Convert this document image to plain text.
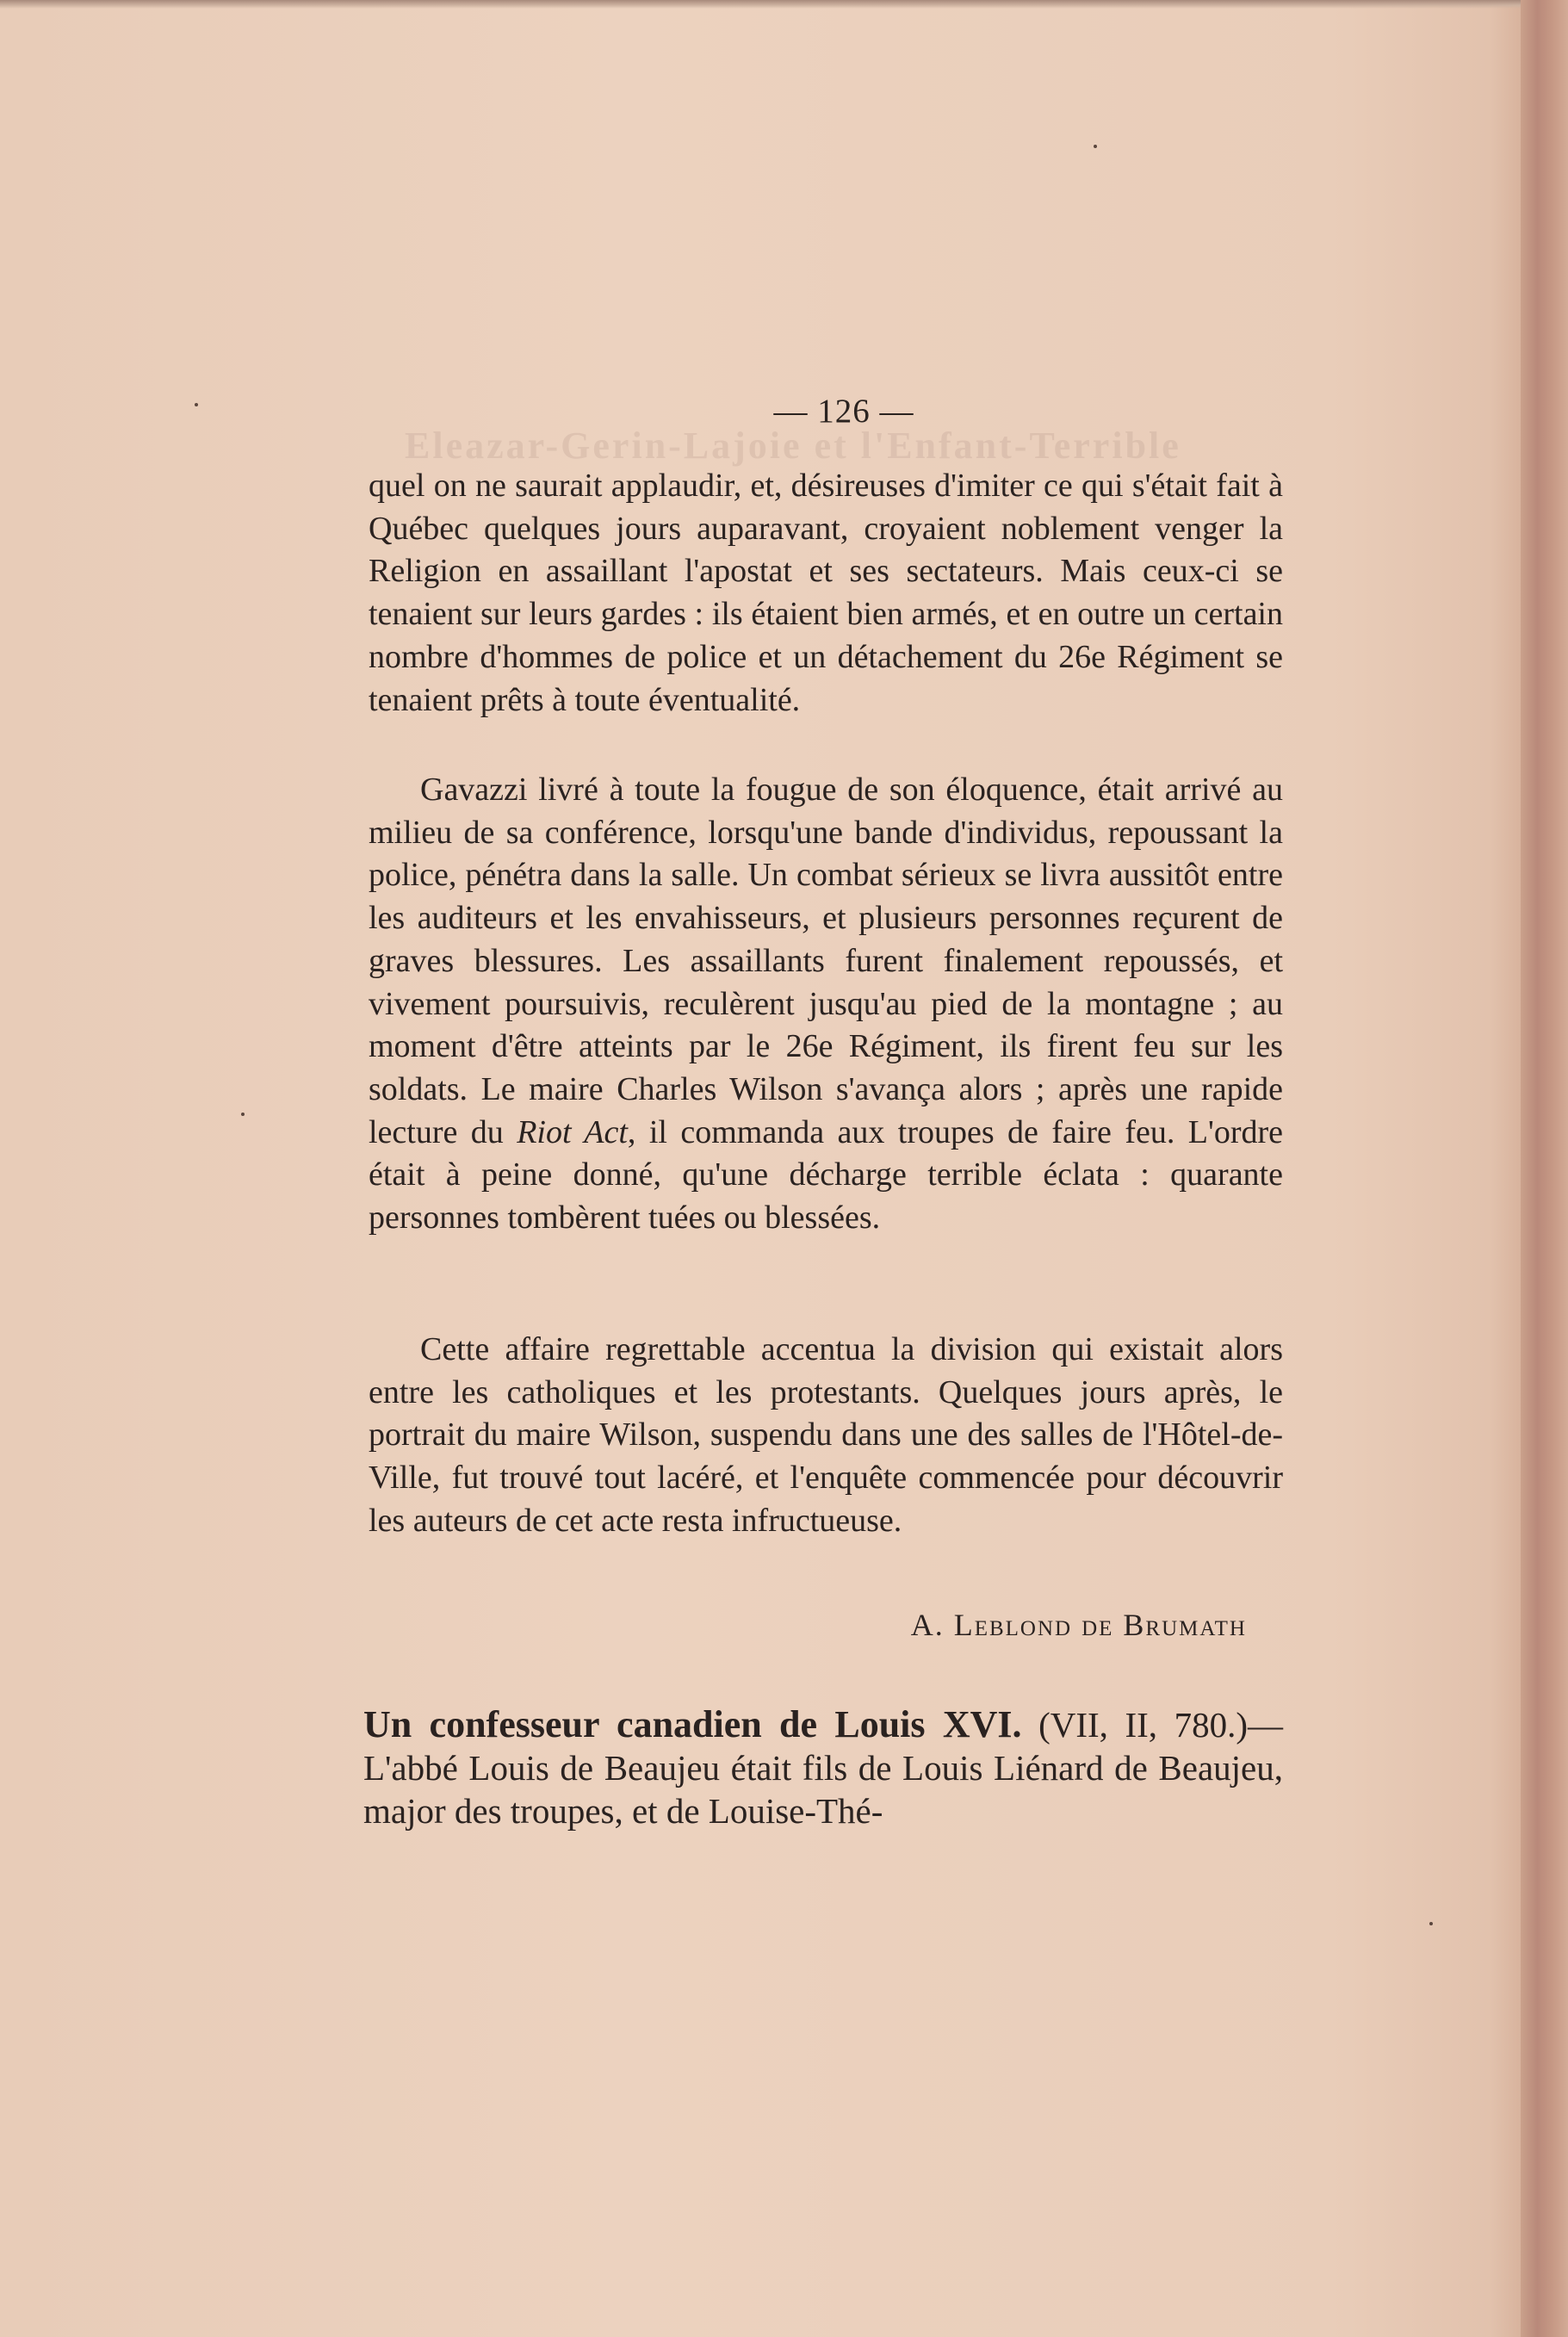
Eleazar-Gerin-Lajoie et l'Enfant-Terrible
— 126 —

quel on ne saurait applaudir, et, désireuses d'imiter ce qui s'était fait à Québec quelques jours auparavant, croyaient noblement venger la Religion en assaillant l'apostat et ses sectateurs. Mais ceux-ci se tenaient sur leurs gardes : ils étaient bien armés, et en outre un certain nombre d'hommes de police et un détachement du 26e Régiment se tenaient prêts à toute éventualité.

Gavazzi livré à toute la fougue de son éloquence, était arrivé au milieu de sa conférence, lorsqu'une bande d'individus, repoussant la police, pénétra dans la salle. Un combat sérieux se livra aussitôt entre les auditeurs et les envahisseurs, et plusieurs personnes reçurent de graves blessures. Les assaillants furent finalement repoussés, et vivement poursuivis, reculèrent jusqu'au pied de la montagne ; au moment d'être atteints par le 26e Régiment, ils firent feu sur les soldats. Le maire Charles Wilson s'avança alors ; après une rapide lecture du Riot Act, il commanda aux troupes de faire feu. L'ordre était à peine donné, qu'une décharge terrible éclata : quarante personnes tombèrent tuées ou blessées.

Cette affaire regrettable accentua la division qui existait alors entre les catholiques et les protestants. Quelques jours après, le portrait du maire Wilson, suspendu dans une des salles de l'Hôtel-de-Ville, fut trouvé tout lacéré, et l'enquête commencée pour découvrir les auteurs de cet acte resta infructueuse.

A. Leblond de Brumath
Un confesseur canadien de Louis XVI. (VII, II, 780.)—L'abbé Louis de Beaujeu était fils de Louis Liénard de Beaujeu, major des troupes, et de Louise-Thé-
